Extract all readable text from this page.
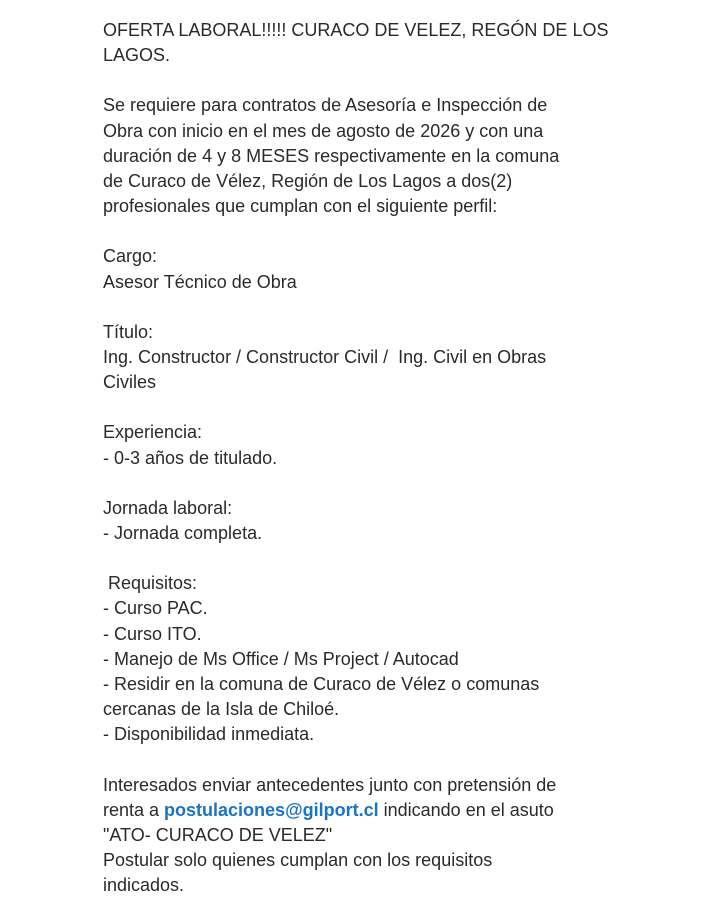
OFERTA LABORAL!!!!! CURACO DE VELEZ, REGÓN DE LOS
LAGOS.
Se requiere para contratos de Asesoría e Inspección de
Obra con inicio en el mes de agosto de 2026 y con una
duración de 4 y 8 MESES respectivamente en la comuna
de Curaco de Vélez, Región de Los Lagos a dos(2)
profesionales que cumplan con el siguiente perfil:
Cargo:
Asesor Técnico de Obra
Título:
Ing. Constructor / Constructor Civil /  Ing. Civil en Obras
Civiles
Experiencia:
- 0-3 años de titulado.
Jornada laboral:
- Jornada completa.
Requisitos:
- Curso PAC.
- Curso ITO.
- Manejo de Ms Office / Ms Project / Autocad
- Residir en la comuna de Curaco de Vélez o comunas
cercanas de la Isla de Chiloé.
- Disponibilidad inmediata.
Interesados enviar antecedentes junto con pretensión de
renta a postulaciones@gilport.cl indicando en el asuto
"ATO- CURACO DE VELEZ"
Postular solo quienes cumplan con los requisitos
indicados.
